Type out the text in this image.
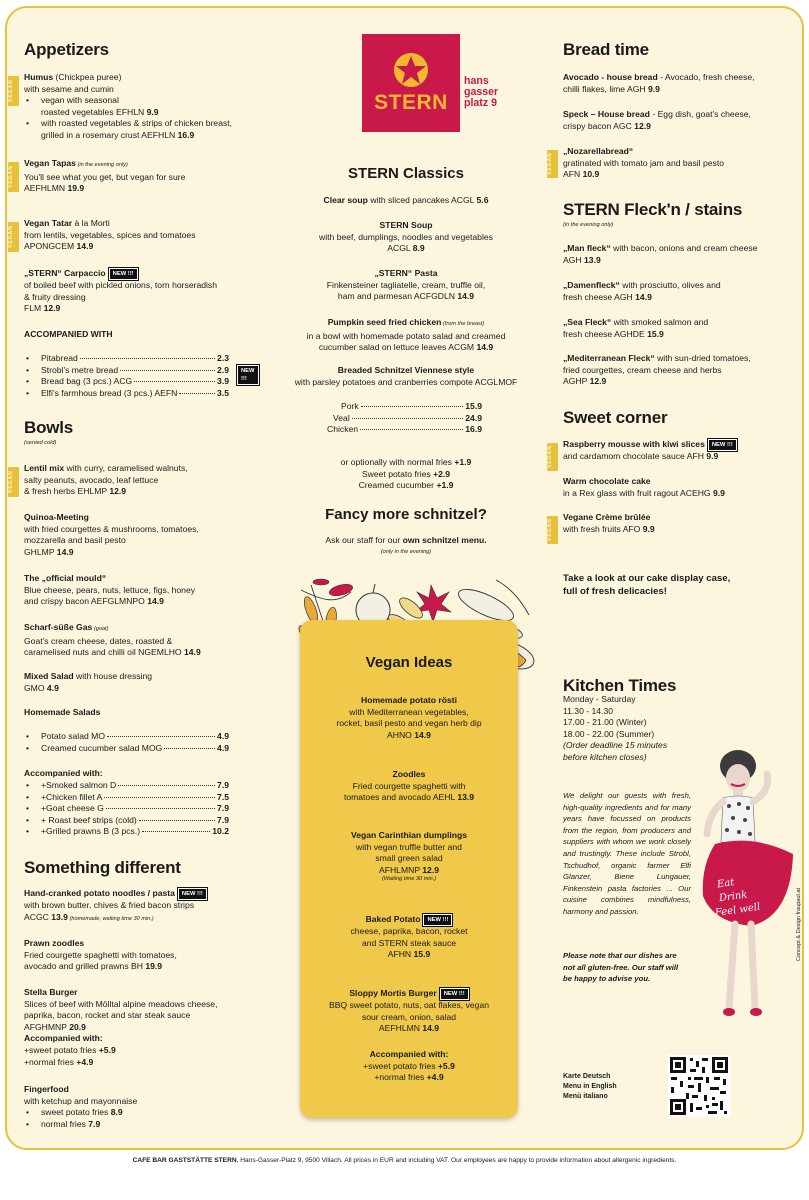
Appetizers
VEGAN
Humus (Chickpea puree)
with sesame and cumin
• vegan with seasonal
roasted vegetables EFHLN 9.9
• with roasted vegetables & strips of chicken breast,
grilled in a rosemary crust AEFHLN 16.9
VEGAN
Vegan Tapas (in the evening only)
You'll see what you get, but vegan for sure
AEFHLMN 19.9
VEGAN
Vegan Tatar à la Morti
from lentils, vegetables, spices and tomatoes
APONGCEM 14.9
„STERN“ Carpaccio NEW !!!
of boiled beef with pickled onions, torn horseradish
& fruity dressing
FLM 12.9
ACCOMPANIED WITH
• Pitabread	2.3
• Strobl's metre bread	2.9	NEW !!!
• Bread bag (3 pcs.) ACG	3.9
• Elfi's farmhous bread (3 pcs.) AEFN	3.5
Bowls
(served cold)
VEGAN
Lentil mix with curry, caramelised walnuts,
salty peanuts, avocado, leaf lettuce
& fresh herbs EHLMP 12.9
Quinoa-Meeting
with fried courgettes & mushrooms, tomatoes,
mozzarella and basil pesto
GHLMP 14.9
The „official mould“
Blue cheese, pears, nuts, lettuce, figs, honey
and crispy bacon AEFGLMNPO 14.9
Scharf-süße Gas (goat)
Goat's cream cheese, dates, roasted &
caramelised nuts and chilli oil NGEMLHO 14.9
Mixed Salad with house dressing
GMO 4.9
Homemade Salads
• Potato salad MO	4.9
• Creamed cucumber salad MOG	4.9
Accompanied with:
• +Smoked salmon D	7.9
• +Chicken fillet A	7.5
• +Goat cheese G	7.9
• + Roast beef strips (cold)	7.9
• +Grilled prawns B (3 pcs.)	10.2
Something different
Hand-cranked potato noodles / pasta NEW !!!
with brown butter, chives & fried bacon strips
ACGC 13.9 (homemade, waiting time 30 min.)
Prawn zoodles
Fried courgette spaghetti with tomatoes,
avocado and grilled prawns BH 19.9
Stella Burger
Slices of beef with Mölltal alpine meadows cheese,
paprika, bacon, rocket and star steak sauce
AFGHMNP 20.9
Accompanied with:
+sweet potato fries +5.9
+normal fries +4.9
Fingerfood
with ketchup and mayonnaise
• sweet potato fries 8.9
• normal fries 7.9
STERN
hans
gasser
platz 9
STERN Classics
Clear soup with sliced pancakes ACGL 5.6
STERN Soup
with beef, dumplings, noodles and vegetables
ACGL 8.9
„STERN“ Pasta
Finkensteiner tagliatelle, cream, truffle oil,
ham and parmesan ACFGDLN 14.9
Pumpkin seed fried chicken (from the breast)
in a bowl with homemade potato salad and creamed
cucumber salad on lettuce leaves ACGM 14.9
Breaded Schnitzel Viennese style
with parsley potatoes and cranberries compote ACGLMOF
Pork	15.9
Veal	24.9
Chicken	16.9
or optionally with normal fries +1.9
Sweet potato fries +2.9
Creamed cucumber +1.9
Fancy more schnitzel?
Ask our staff for our own schnitzel menu.
(only in the evening)
Vegan Ideas
Homemade potato rösti
with Mediterranean vegetables,
rocket, basil pesto and vegan herb dip
AHNO 14.9
Zoodles
Fried courgette spaghetti with
tomatoes and avocado AEHL 13.9
Vegan Carinthian dumplings
with vegan truffle butter and
small green salad
AFHLMNP 12.9
(Waiting time 30 min.)
Baked Potato NEW !!!
cheese, paprika, bacon, rocket
and STERN steak sauce
AFHN 15.9
Sloppy Mortis Burger NEW !!!
BBQ sweet potato, nuts, oat flakes, vegan
sour cream, onion, salad
AEFHLMN 14.9
Accompanied with:
+sweet potato fries +5.9
+normal fries +4.9
Bread time
Avocado - house bread - Avocado, fresh cheese,
chilli flakes, lime AGH 9.9
Speck – House bread - Egg dish, goat's cheese,
crispy bacon AGC 12.9
VEGAN
„Nozarellabread“
gratinated with tomato jam and basil pesto
AFN 10.9
STERN Fleck'n / stains
(in the evening only)
„Man fleck“ with bacon, onions and cream cheese
AGH 13.9
„Damenfleck“ with prosciutto, olives and
fresh cheese AGH 14.9
„Sea Fleck“ with smoked salmon and
fresh cheese AGHDE 15.9
„Mediterranean Fleck“ with sun-dried tomatoes,
fried courgettes, cream cheese and herbs
AGHP 12.9
Sweet corner
VEGAN
Raspberry mousse with kiwi slices NEW !!!
and cardamom chocolate sauce AFH 9.9
Warm chocolate cake
in a Rex glass with fruit ragout ACEHG 9.9
VEGAN
Vegane Crème brûlée
with fresh fruits AFO 9.9
Take a look at our cake display case,
full of fresh delicacies!
Kitchen Times
Monday - Saturday
11.30 - 14.30
17.00 - 21.00 (Winter)
18.00 - 22.00 (Summer)
(Order deadline 15 minutes
before kitchen closes)
We delight our guests with fresh, high-quality ingredients and for many years have focussed on products from the region, from producers and suppliers with whom we work closely and trustingly. These include Strobl, Tschudhof, organic farmer Elfi Glanzer, Biene Lungauer, Finkenstein pasta factories ... Our cuisine combines mindfulness, harmony and passion.
Please note that our dishes are not all gluten-free. Our staff will be happy to advise you.
Eat
Drink
Feel well	Concept & Design fraupaul.at
Karte Deutsch
Menu in English
Menù italiano
CAFE BAR GASTSTÄTTE STERN, Hans-Gasser-Platz 9, 9500 Villach. All prices in EUR and including VAT. Our employees are happy to provide information about allergenic ingredients.
